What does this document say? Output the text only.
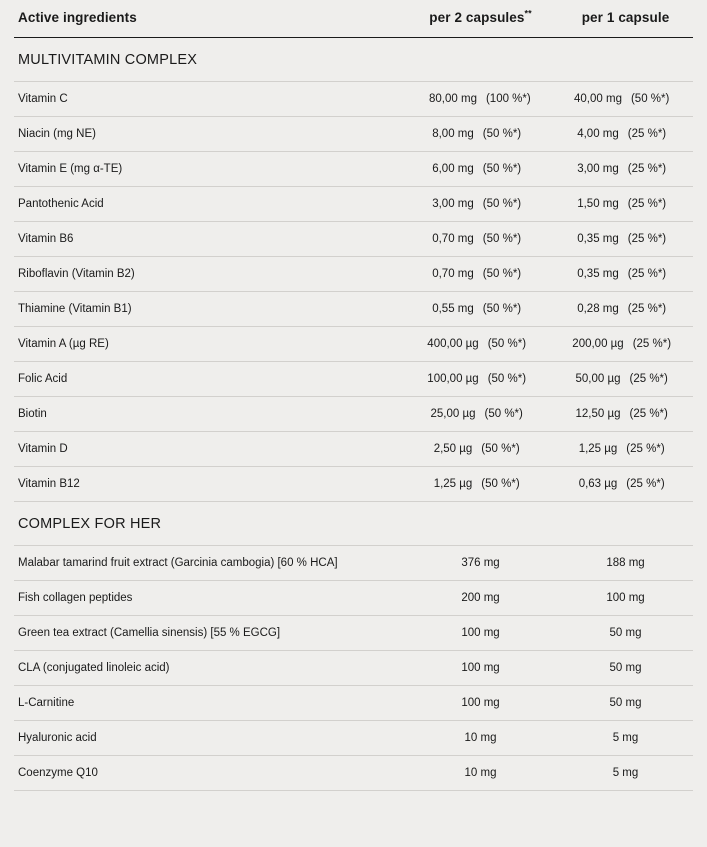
Active ingredients	per 2 capsules**	per 1 capsule
MULTIVITAMIN COMPLEX		
Vitamin C	80,00 mg (100 %*)	40,00 mg (50 %*)
Niacin (mg NE)	8,00 mg (50 %*)	4,00 mg (25 %*)
Vitamin E (mg α-TE)	6,00 mg (50 %*)	3,00 mg (25 %*)
Pantothenic Acid	3,00 mg (50 %*)	1,50 mg (25 %*)
Vitamin B6	0,70 mg (50 %*)	0,35 mg (25 %*)
Riboflavin (Vitamin B2)	0,70 mg (50 %*)	0,35 mg (25 %*)
Thiamine (Vitamin B1)	0,55 mg (50 %*)	0,28 mg (25 %*)
Vitamin A (µg RE)	400,00 µg (50 %*)	200,00 µg (25 %*)
Folic Acid	100,00 µg (50 %*)	50,00 µg (25 %*)
Biotin	25,00 µg (50 %*)	12,50 µg (25 %*)
Vitamin D	2,50 µg (50 %*)	1,25 µg (25 %*)
Vitamin B12	1,25 µg (50 %*)	0,63 µg (25 %*)
COMPLEX FOR HER		
Malabar tamarind fruit extract (Garcinia cambogia) [60 % HCA]	376 mg	188 mg
Fish collagen peptides	200 mg	100 mg
Green tea extract (Camellia sinensis) [55 % EGCG]	100 mg	50 mg
CLA (conjugated linoleic acid)	100 mg	50 mg
L-Carnitine	100 mg	50 mg
Hyaluronic acid	10 mg	5 mg
Coenzyme Q10	10 mg	5 mg
